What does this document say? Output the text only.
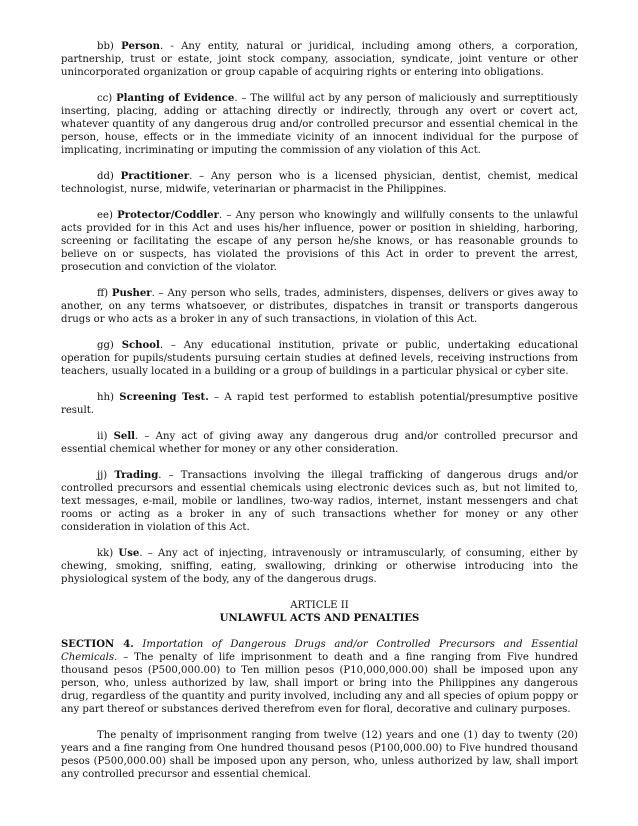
bb) Person. - Any entity, natural or juridical, including among others, a corporation, partnership, trust or estate, joint stock company, association, syndicate, joint venture or other unincorporated organization or group capable of acquiring rights or entering into obligations.

cc) Planting of Evidence. – The willful act by any person of maliciously and surreptitiously inserting, placing, adding or attaching directly or indirectly, through any overt or covert act, whatever quantity of any dangerous drug and/or controlled precursor and essential chemical in the person, house, effects or in the immediate vicinity of an innocent individual for the purpose of implicating, incriminating or imputing the commission of any violation of this Act.

dd) Practitioner. – Any person who is a licensed physician, dentist, chemist, medical technologist, nurse, midwife, veterinarian or pharmacist in the Philippines.

ee) Protector/Coddler. – Any person who knowingly and willfully consents to the unlawful acts provided for in this Act and uses his/her influence, power or position in shielding, harboring, screening or facilitating the escape of any person he/she knows, or has reasonable grounds to believe on or suspects, has violated the provisions of this Act in order to prevent the arrest, prosecution and conviction of the violator.

ff) Pusher. – Any person who sells, trades, administers, dispenses, delivers or gives away to another, on any terms whatsoever, or distributes, dispatches in transit or transports dangerous drugs or who acts as a broker in any of such transactions, in violation of this Act.

gg) School. – Any educational institution, private or public, undertaking educational operation for pupils/students pursuing certain studies at defined levels, receiving instructions from teachers, usually located in a building or a group of buildings in a particular physical or cyber site.

hh) Screening Test. – A rapid test performed to establish potential/presumptive positive result.

ii) Sell. – Any act of giving away any dangerous drug and/or controlled precursor and essential chemical whether for money or any other consideration.

jj) Trading. – Transactions involving the illegal trafficking of dangerous drugs and/or controlled precursors and essential chemicals using electronic devices such as, but not limited to, text messages, e-mail, mobile or landlines, two-way radios, internet, instant messengers and chat rooms or acting as a broker in any of such transactions whether for money or any other consideration in violation of this Act.

kk) Use. – Any act of injecting, intravenously or intramuscularly, of consuming, either by chewing, smoking, sniffing, eating, swallowing, drinking or otherwise introducing into the physiological system of the body, any of the dangerous drugs.

ARTICLE II
UNLAWFUL ACTS AND PENALTIES

SECTION 4. Importation of Dangerous Drugs and/or Controlled Precursors and Essential Chemicals. – The penalty of life imprisonment to death and a fine ranging from Five hundred thousand pesos (P500,000.00) to Ten million pesos (P10,000,000.00) shall be imposed upon any person, who, unless authorized by law, shall import or bring into the Philippines any dangerous drug, regardless of the quantity and purity involved, including any and all species of opium poppy or any part thereof or substances derived therefrom even for floral, decorative and culinary purposes.

The penalty of imprisonment ranging from twelve (12) years and one (1) day to twenty (20) years and a fine ranging from One hundred thousand pesos (P100,000.00) to Five hundred thousand pesos (P500,000.00) shall be imposed upon any person, who, unless authorized by law, shall import any controlled precursor and essential chemical.
